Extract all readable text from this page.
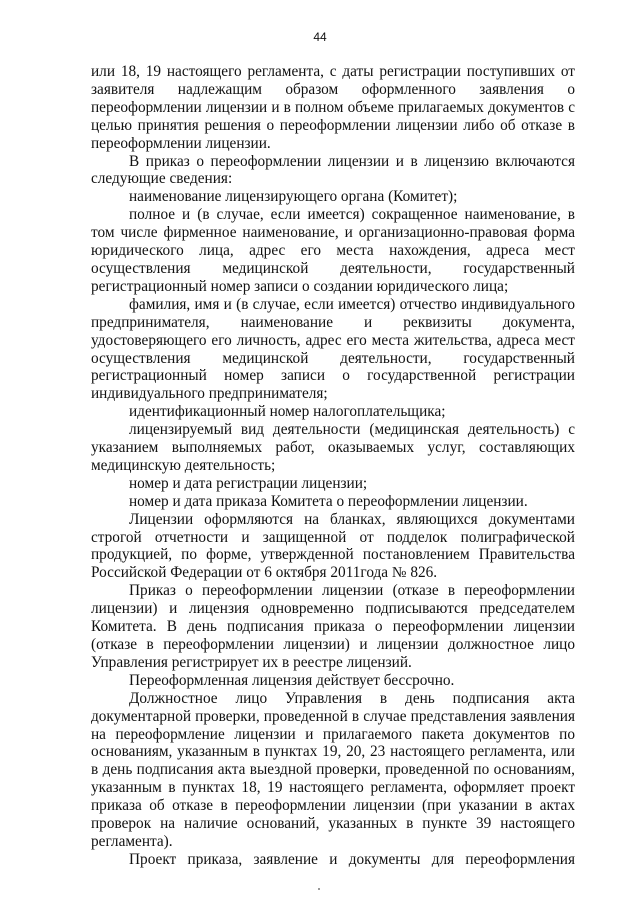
44

или 18, 19 настоящего регламента, с даты регистрации поступивших от заявителя надлежащим образом оформленного заявления о переоформлении лицензии и в полном объеме прилагаемых документов с целью принятия решения о переоформлении лицензии либо об отказе в переоформлении лицензии.

В приказ о переоформлении лицензии и в лицензию включаются следующие сведения:

наименование лицензирующего органа (Комитет);

полное и (в случае, если имеется) сокращенное наименование, в том числе фирменное наименование, и организационно-правовая форма юридического лица, адрес его места нахождения, адреса мест осуществления медицинской деятельности, государственный регистрационный номер записи о создании юридического лица;

фамилия, имя и (в случае, если имеется) отчество индивидуального предпринимателя, наименование и реквизиты документа, удостоверяющего его личность, адрес его места жительства, адреса мест осуществления медицинской деятельности, государственный регистрационный номер записи о государственной регистрации индивидуального предпринимателя;

идентификационный номер налогоплательщика;

лицензируемый вид деятельности (медицинская деятельность) с указанием выполняемых работ, оказываемых услуг, составляющих медицинскую деятельность;

номер и дата регистрации лицензии;

номер и дата приказа Комитета о переоформлении лицензии.

Лицензии оформляются на бланках, являющихся документами строгой отчетности и защищенной от подделок полиграфической продукцией, по форме, утвержденной постановлением Правительства Российской Федерации от 6 октября 2011года № 826.

Приказ о переоформлении лицензии (отказе в переоформлении лицензии) и лицензия одновременно подписываются председателем Комитета. В день подписания приказа о переоформлении лицензии (отказе в переоформлении лицензии) и лицензии должностное лицо Управления регистрирует их в реестре лицензий.

Переоформленная лицензия действует бессрочно.

Должностное лицо Управления в день подписания акта документарной проверки, проведенной в случае представления заявления на переоформление лицензии и прилагаемого пакета документов по основаниям, указанным в пунктах 19, 20, 23 настоящего регламента, или в день подписания акта выездной проверки, проведенной по основаниям, указанным в пунктах 18, 19 настоящего регламента, оформляет проект приказа об отказе в переоформлении лицензии (при указании в актах проверок на наличие оснований, указанных в пункте 39 настоящего регламента).

Проект приказа, заявление и документы для переоформления
